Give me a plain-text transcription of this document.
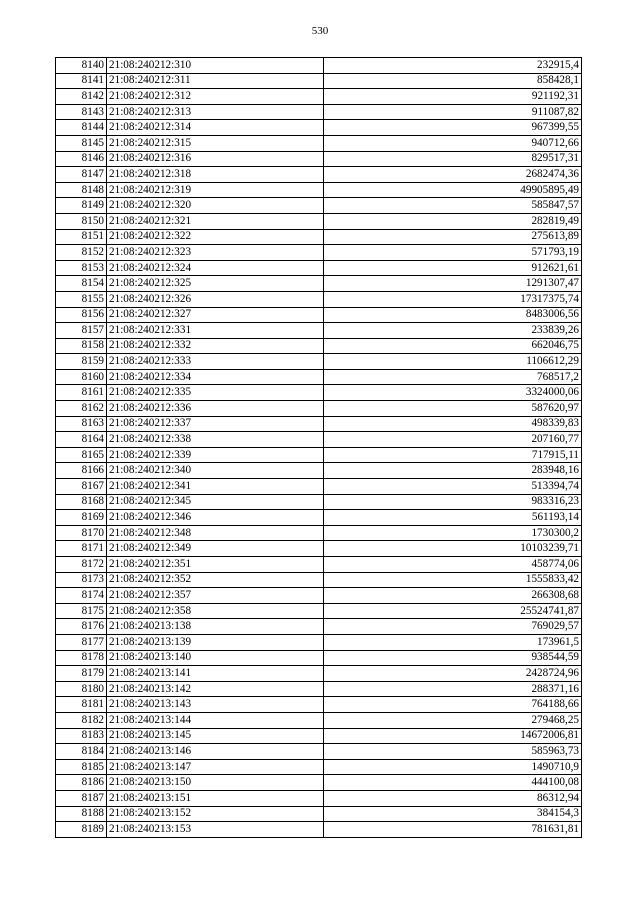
530
8140	21:08:240212:310	232915,4
8141	21:08:240212:311	858428,1
8142	21:08:240212:312	921192,31
8143	21:08:240212:313	911087,82
8144	21:08:240212:314	967399,55
8145	21:08:240212:315	940712,66
8146	21:08:240212:316	829517,31
8147	21:08:240212:318	2682474,36
8148	21:08:240212:319	49905895,49
8149	21:08:240212:320	585847,57
8150	21:08:240212:321	282819,49
8151	21:08:240212:322	275613,89
8152	21:08:240212:323	571793,19
8153	21:08:240212:324	912621,61
8154	21:08:240212:325	1291307,47
8155	21:08:240212:326	17317375,74
8156	21:08:240212:327	8483006,56
8157	21:08:240212:331	233839,26
8158	21:08:240212:332	662046,75
8159	21:08:240212:333	1106612,29
8160	21:08:240212:334	768517,2
8161	21:08:240212:335	3324000,06
8162	21:08:240212:336	587620,97
8163	21:08:240212:337	498339,83
8164	21:08:240212:338	207160,77
8165	21:08:240212:339	717915,11
8166	21:08:240212:340	283948,16
8167	21:08:240212:341	513394,74
8168	21:08:240212:345	983316,23
8169	21:08:240212:346	561193,14
8170	21:08:240212:348	1730300,2
8171	21:08:240212:349	10103239,71
8172	21:08:240212:351	458774,06
8173	21:08:240212:352	1555833,42
8174	21:08:240212:357	266308,68
8175	21:08:240212:358	25524741,87
8176	21:08:240213:138	769029,57
8177	21:08:240213:139	173961,5
8178	21:08:240213:140	938544,59
8179	21:08:240213:141	2428724,96
8180	21:08:240213:142	288371,16
8181	21:08:240213:143	764188,66
8182	21:08:240213:144	279468,25
8183	21:08:240213:145	14672006,81
8184	21:08:240213:146	585963,73
8185	21:08:240213:147	1490710,9
8186	21:08:240213:150	444100,08
8187	21:08:240213:151	86312,94
8188	21:08:240213:152	384154,3
8189	21:08:240213:153	781631,81
